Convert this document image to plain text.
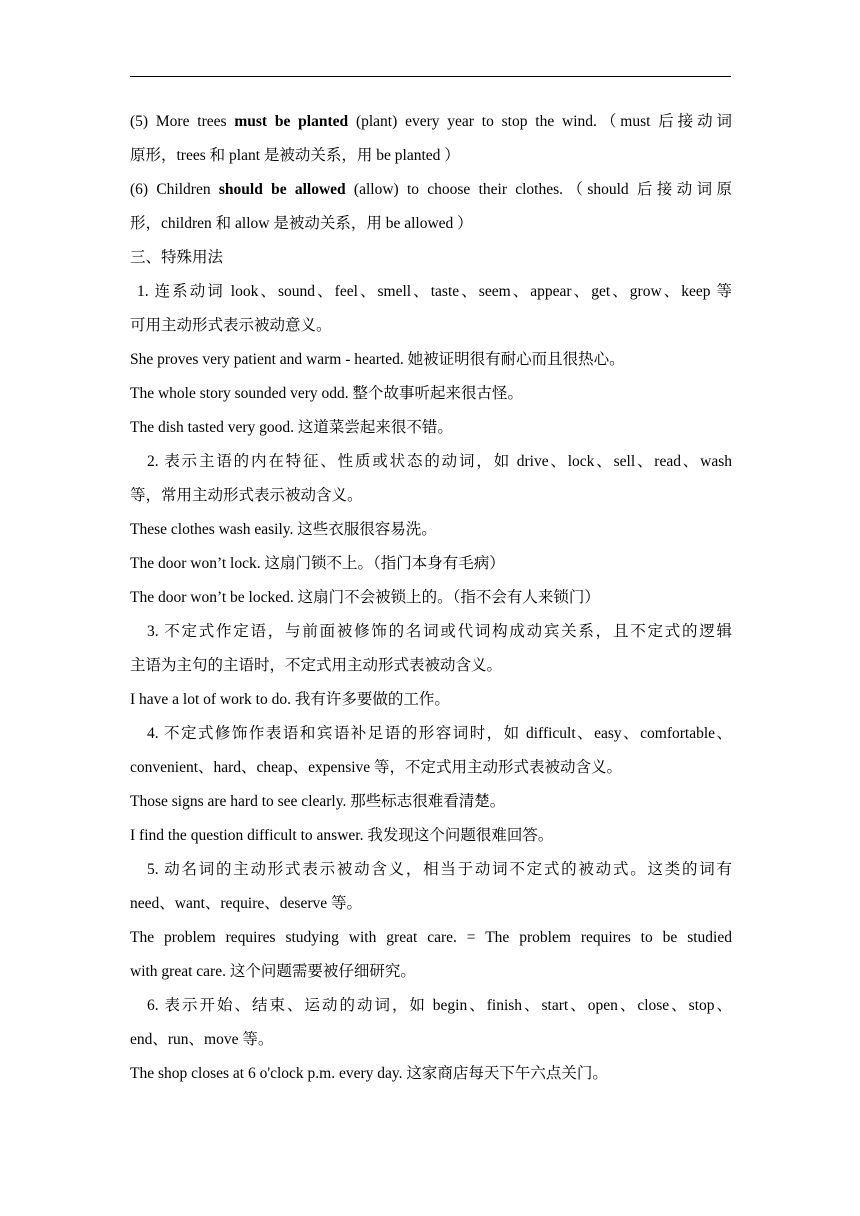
(5) More trees must be planted (plant) every year to stop the wind.（must 后接动词
原形，trees 和 plant 是被动关系，用 be planted ）
(6) Children should be allowed (allow) to choose their clothes.（should 后接动词原
形，children 和 allow 是被动关系，用 be allowed ）
三、特殊用法
1. 连系动词 look、sound、feel、smell、taste、seem、appear、get、grow、keep 等
可用主动形式表示被动意义。
She proves very patient and warm - hearted. 她被证明很有耐心而且很热心。
The whole story sounded very odd. 整个故事听起来很古怪。
The dish tasted very good. 这道菜尝起来很不错。
2. 表示主语的内在特征、性质或状态的动词，如 drive、lock、sell、read、wash
等，常用主动形式表示被动含义。
These clothes wash easily. 这些衣服很容易洗。
The door won’t lock. 这扇门锁不上。（指门本身有毛病）
The door won’t be locked. 这扇门不会被锁上的。（指不会有人来锁门）
3. 不定式作定语，与前面被修饰的名词或代词构成动宾关系，且不定式的逻辑
主语为主句的主语时，不定式用主动形式表被动含义。
I have a lot of work to do. 我有许多要做的工作。
4. 不定式修饰作表语和宾语补足语的形容词时，如 difficult、easy、comfortable、
convenient、hard、cheap、expensive 等，不定式用主动形式表被动含义。
Those signs are hard to see clearly. 那些标志很难看清楚。
I find the question difficult to answer. 我发现这个问题很难回答。
5. 动名词的主动形式表示被动含义，相当于动词不定式的被动式。这类的词有
need、want、require、deserve 等。
The problem requires studying with great care. = The problem requires to be studied
with great care. 这个问题需要被仔细研究。
6. 表示开始、结束、运动的动词，如 begin、finish、start、open、close、stop、
end、run、move 等。
The shop closes at 6 o'clock p.m. every day. 这家商店每天下午六点关门。
